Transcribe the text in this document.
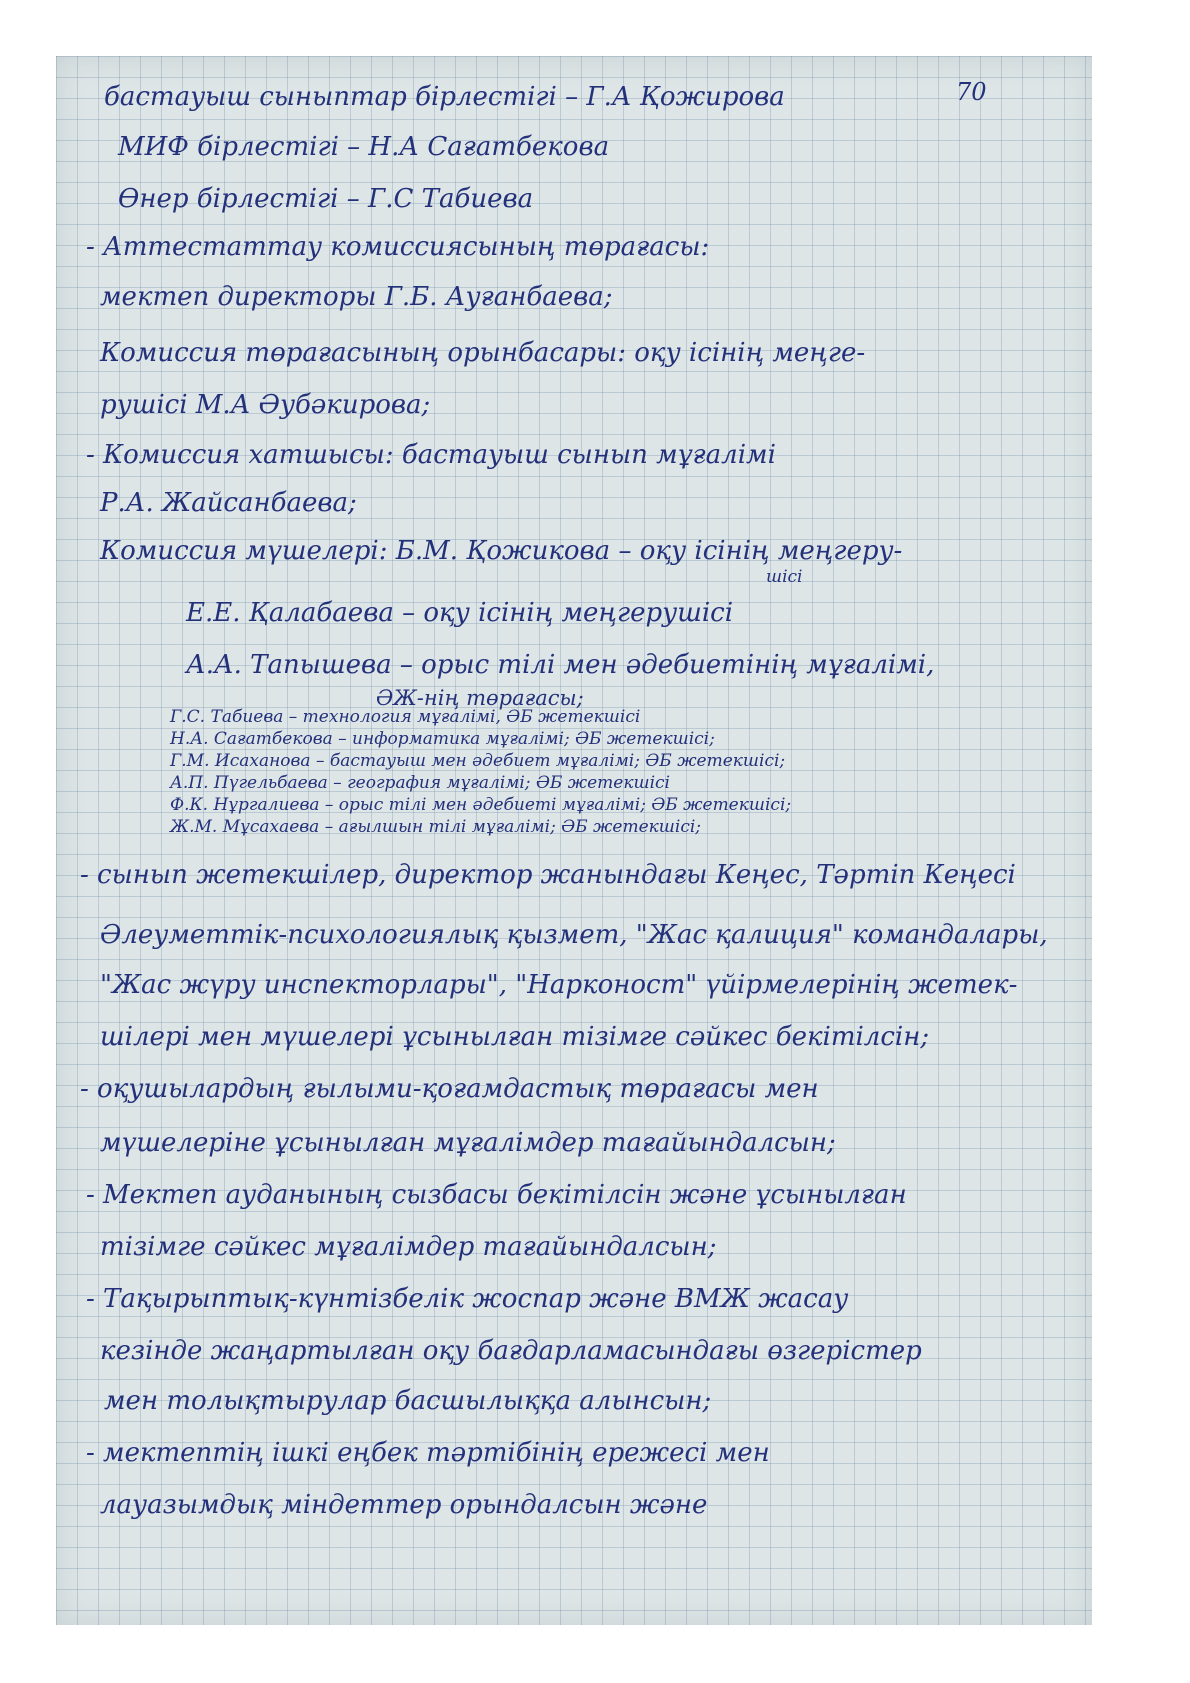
70

бастауыш сыныптар бірлестігі – Г.А Қожирова

МИФ бірлестігі – Н.А Сағатбекова

Өнер бірлестігі – Г.С Табиева

- Аттестаттау комиссиясының төрағасы:

мектеп директоры Г.Б. Ауғанбаева;

Комиссия төрағасының орынбасары: оқу ісінің меңге-

рушісі М.А Әубәкирова;

- Комиссия хатшысы: бастауыш сынып мұғалімі

Р.А. Жайсанбаева;

Комиссия мүшелері: Б.М. Қожикова – оқу ісінің меңгеру-

шісі

Е.Е. Қалабаева – оқу ісінің меңгерушісі

А.А. Тапышева – орыс тілі мен әдебиетінің мұғалімі,

ӘЖ-нің төрағасы;

Г.С. Табиева – технология мұғалімі, ӘБ жетекшісі

Н.А. Сағатбекова – информатика мұғалімі; ӘБ жетекшісі;

Г.М. Исаханова – бастауыш мен әдебиет мұғалімі; ӘБ жетекшісі;

А.П. Пүгельбаева – география мұғалімі; ӘБ жетекшісі

Ф.К. Нұргалиева – орыс тілі мен әдебиеті мұғалімі; ӘБ жетекшісі;

Ж.М. Мұсахаева – ағылшын тілі мұғалімі; ӘБ жетекшісі;

- сынып жетекшілер, директор жанындағы Кеңес, Тәртіп Кеңесі

Әлеуметтік-психологиялық қызмет, "Жас қалиция" командалары,

"Жас жүру инспекторлары", "Нарконост" үйірмелерінің жетек-

шілері мен мүшелері ұсынылған тізімге сәйкес бекітілсін;

- оқушылардың ғылыми-қоғамдастық төрағасы мен

мүшелеріне ұсынылған мұғалімдер тағайындалсын;

- Мектеп ауданының сызбасы бекітілсін және ұсынылған

тізімге сәйкес мұғалімдер тағайындалсын;

- Тақырыптық-күнтізбелік жоспар және ВМЖ жасау

кезінде жаңартылған оқу бағдарламасындағы өзгерістер

мен толықтырулар басшылыққа алынсын;

- мектептің ішкі еңбек тәртібінің ережесі мен

лауазымдық міндеттер орындалсын және
